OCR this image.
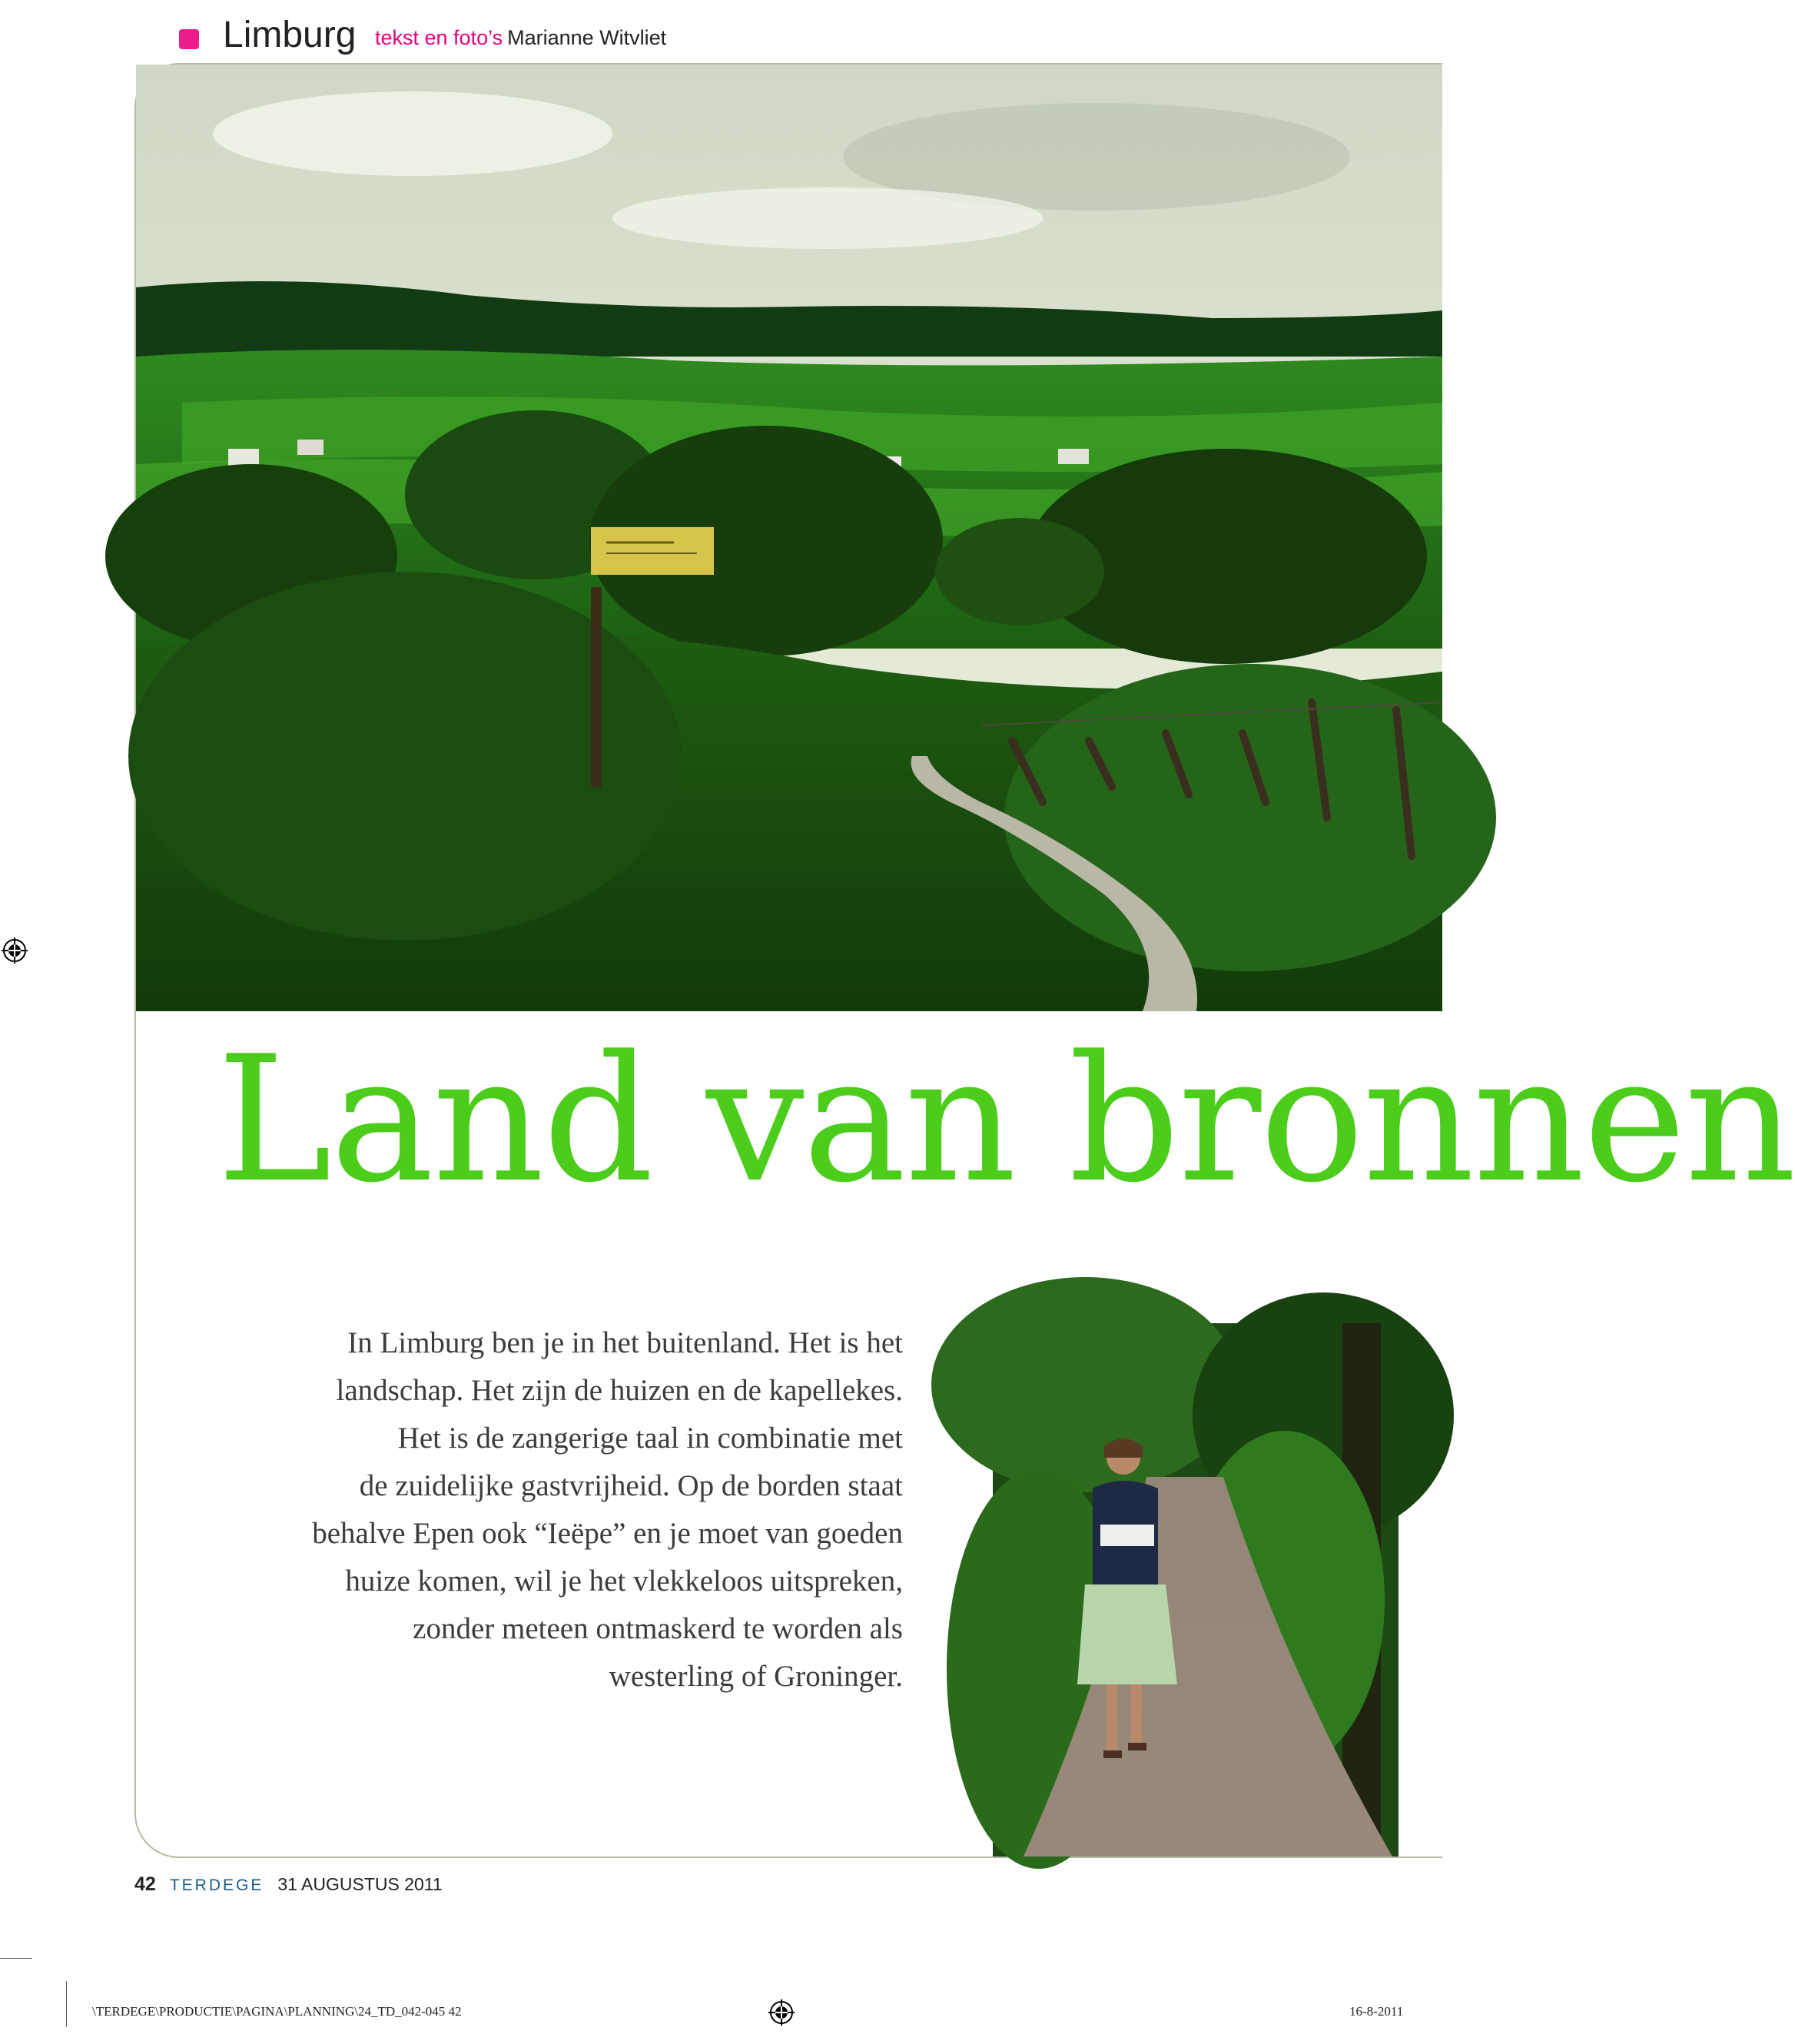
Limburg tekst en foto’s Marianne Witvliet
Land van bronnen
In Limburg ben je in het buitenland. Het is het
landschap. Het zijn de huizen en de kapellekes.
Het is de zangerige taal in combinatie met
de zuidelijke gastvrijheid. Op de borden staat
behalve Epen ook “Ieëpe” en je moet van goeden
huize komen, wil je het vlekkeloos uitspreken,
zonder meteen ontmaskerd te worden als
westerling of Groninger.
42 TERDEGE 31 AUGUSTUS 2011
\TERDEGE\PRODUCTIE\PAGINA\PLANNING\24_TD_042-045 42	16-8-2011
